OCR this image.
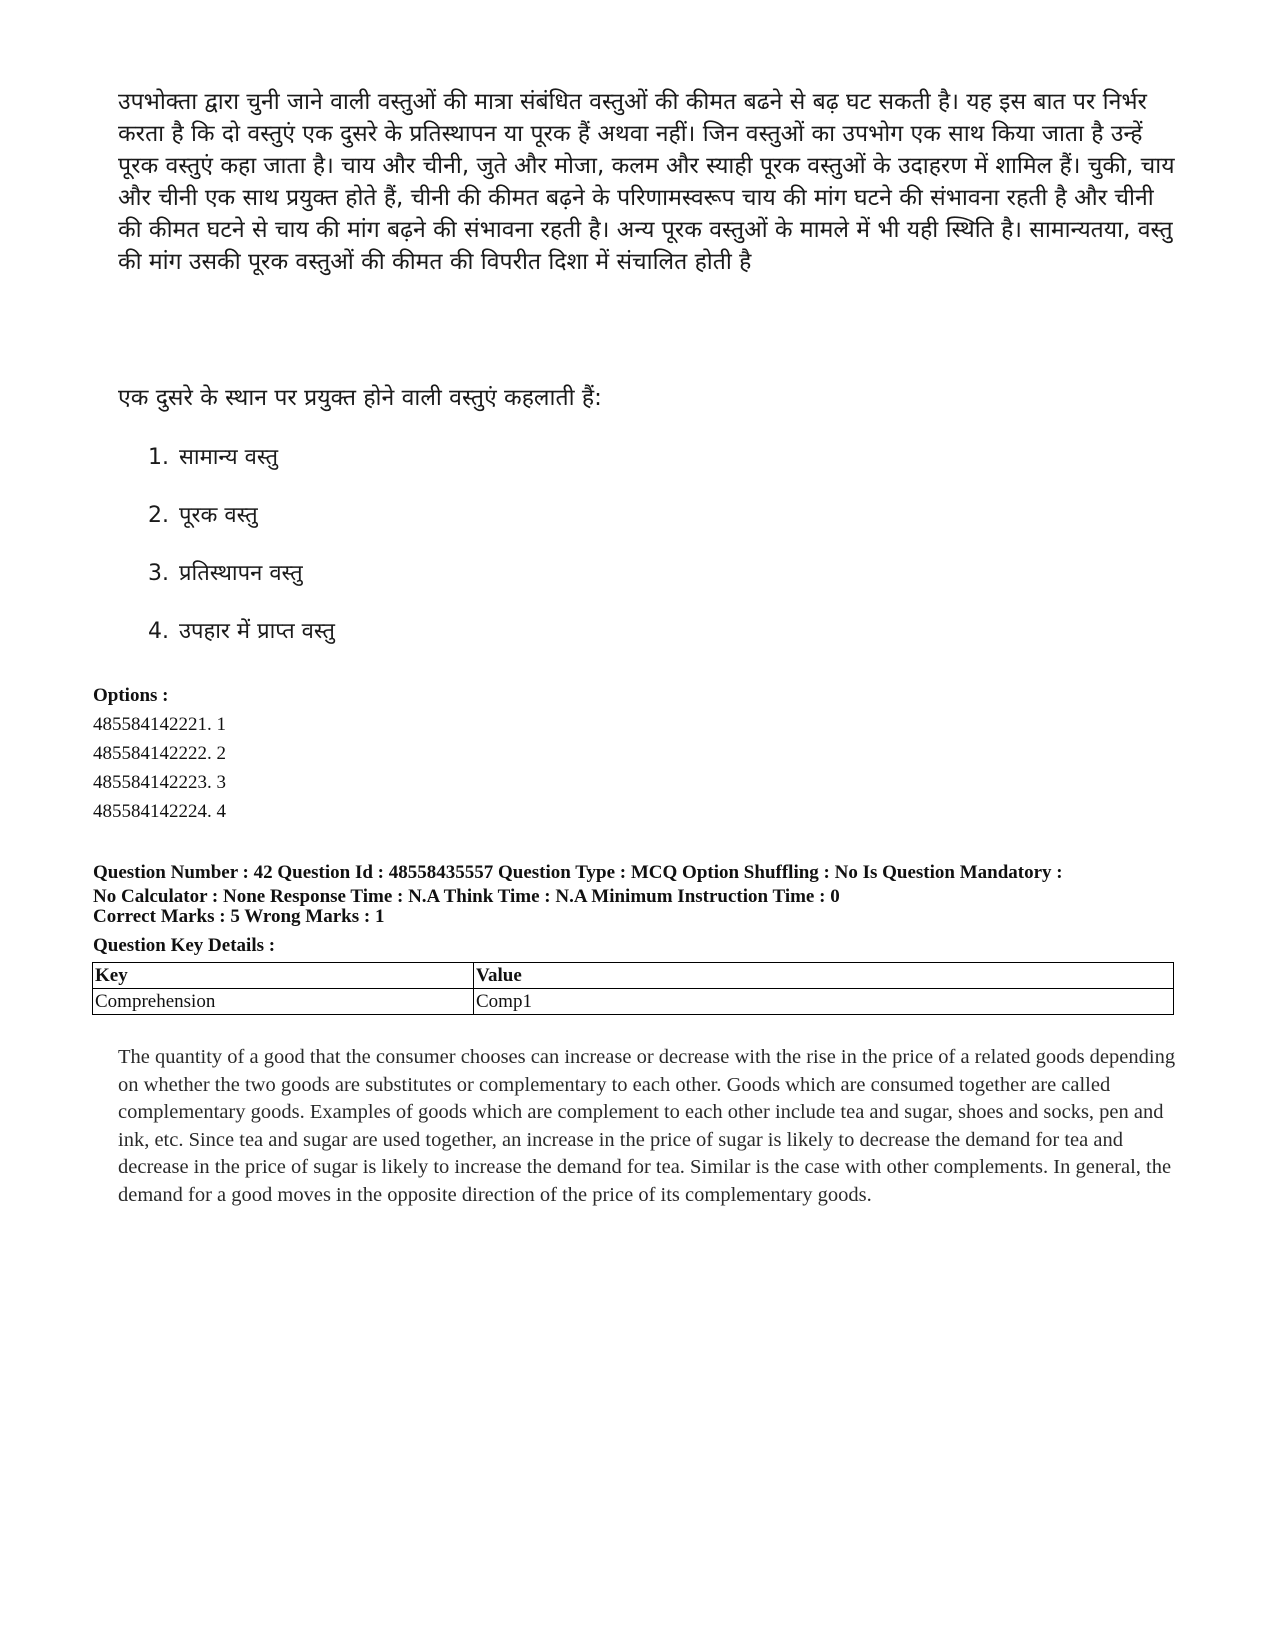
उपभोक्ता द्वारा चुनी जाने वाली वस्तुओं की मात्रा संबंधित वस्तुओं की कीमत बढने से बढ़ घट सकती है। यह इस बात पर निर्भर करता है कि दो वस्तुएं एक दुसरे के प्रतिस्थापन या पूरक हैं अथवा नहीं। जिन वस्तुओं का उपभोग एक साथ किया जाता है उन्हें पूरक वस्तुएं कहा जाता है। चाय और चीनी, जुते और मोजा, कलम और स्याही पूरक वस्तुओं के उदाहरण में शामिल हैं। चुकी, चाय और चीनी एक साथ प्रयुक्त होते हैं, चीनी की कीमत बढ़ने के परिणामस्वरूप चाय की मांग घटने की संभावना रहती है और चीनी की कीमत घटने से चाय की मांग बढ़ने की संभावना रहती है। अन्य पूरक वस्तुओं के मामले में भी यही स्थिति है। सामान्यतया, वस्तु की मांग उसकी पूरक वस्तुओं की कीमत की विपरीत दिशा में संचालित होती है

एक दुसरे के स्थान पर प्रयुक्त होने वाली वस्तुएं कहलाती हैं:

1. सामान्य वस्तु
2. पूरक वस्तु
3. प्रतिस्थापन वस्तु
4. उपहार में प्राप्त वस्तु
Options :
485584142221. 1
485584142222. 2
485584142223. 3
485584142224. 4

Question Number : 42 Question Id : 48558435557 Question Type : MCQ Option Shuffling : No Is Question Mandatory :

No Calculator : None Response Time : N.A Think Time : N.A Minimum Instruction Time : 0

Correct Marks : 5 Wrong Marks : 1
Question Key Details :
Key	Value
Comprehension	Comp1

The quantity of a good that the consumer chooses can increase or decrease with the rise in the price of a related goods depending on whether the two goods are substitutes or complementary to each other. Goods which are consumed together are called complementary goods. Examples of goods which are complement to each other include tea and sugar, shoes and socks, pen and ink, etc. Since tea and sugar are used together, an increase in the price of sugar is likely to decrease the demand for tea and decrease in the price of sugar is likely to increase the demand for tea. Similar is the case with other complements. In general, the demand for a good moves in the opposite direction of the price of its complementary goods.
